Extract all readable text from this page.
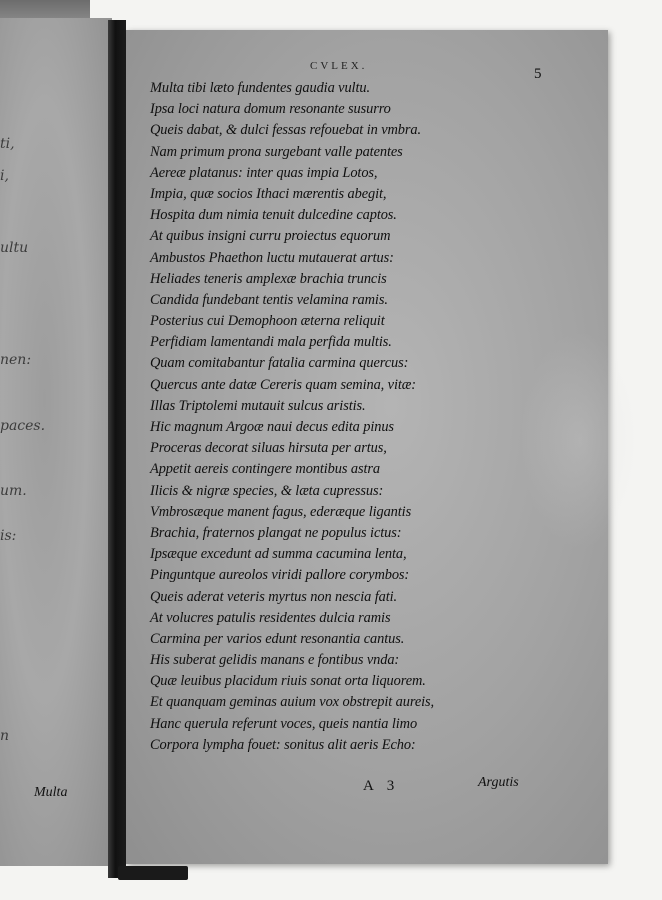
ti,
i,
ultu
nen:
paces.
um.
is:
n
Multa
CVLEX.	5
Multa tibi læto fundentes gaudia vultu.
Ipsa loci natura domum resonante susurro
Queis dabat, & dulci fessas refouebat in vmbra.
Nam primum prona surgebant valle patentes
Aereæ platanus: inter quas impia Lotos,
Impia, quæ socios Ithaci mærentis abegit,
Hospita dum nimia tenuit dulcedine captos.
At quibus insigni curru proiectus equorum
Ambustos Phaethon luctu mutauerat artus:
Heliades teneris amplexæ brachia truncis
Candida fundebant tentis velamina ramis.
Posterius cui Demophoon æterna reliquit
Perfidiam lamentandi mala perfida multis.
Quam comitabantur fatalia carmina quercus:
Quercus ante datæ Cereris quam semina, vitæ:
Illas Triptolemi mutauit sulcus aristis.
Hic magnum Argoæ naui decus edita pinus
Proceras decorat siluas hirsuta per artus,
Appetit aereis contingere montibus astra
Ilicis & nigræ species, & læta cupressus:
Vmbrosæque manent fagus, ederæque ligantis
Brachia, fraternos plangat ne populus ictus:
Ipsæque excedunt ad summa cacumina lenta,
Pinguntque aureolos viridi pallore corymbos:
Queis aderat veteris myrtus non nescia fati.
At volucres patulis residentes dulcia ramis
Carmina per varios edunt resonantia cantus.
His suberat gelidis manans e fontibus vnda:
Quæ leuibus placidum riuis sonat orta liquorem.
Et quanquam geminas auium vox obstrepit aureis,
Hanc querula referunt voces, queis nantia limo
Corpora lympha fouet: sonitus alit aeris Echo:
A 3	Argutis
